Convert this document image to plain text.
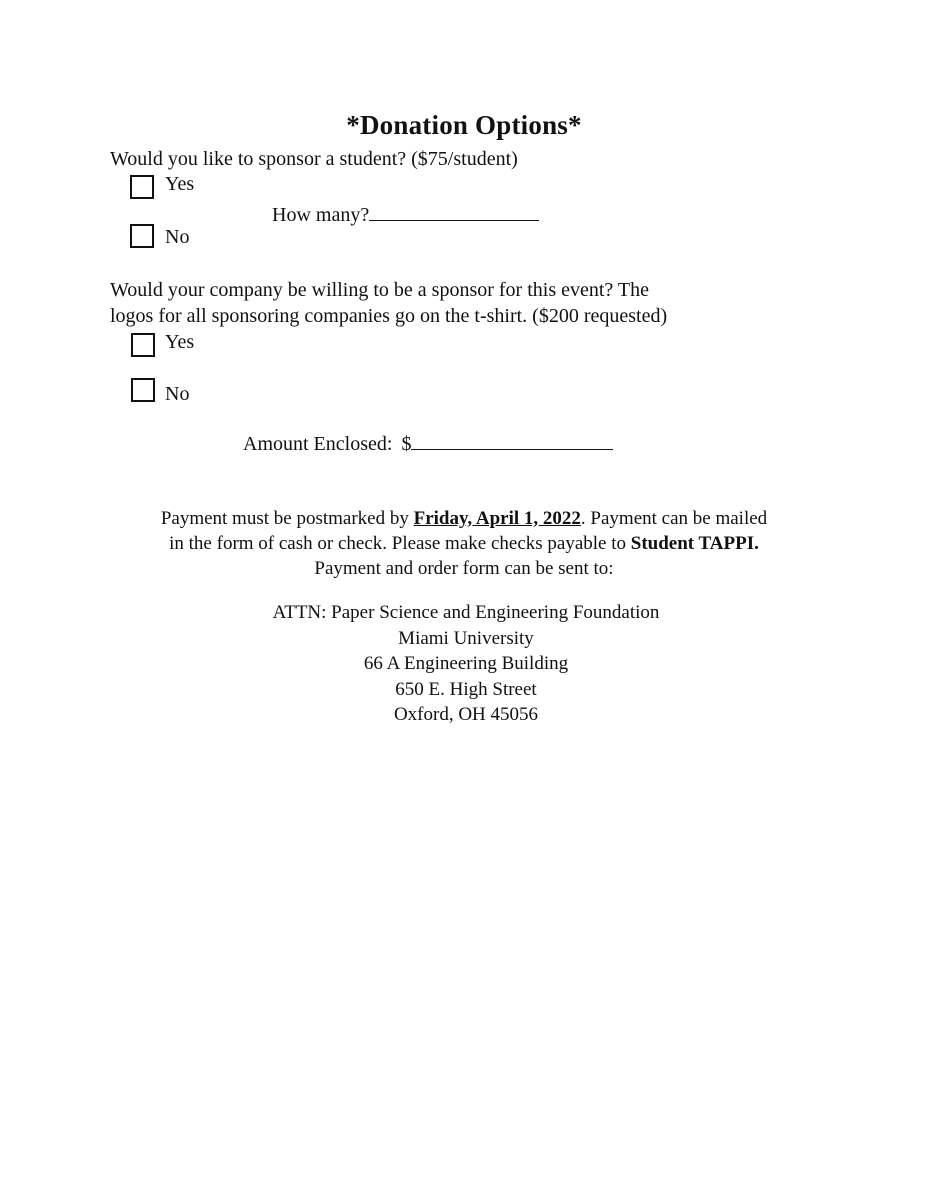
*Donation Options*
Would you like to sponsor a student? ($75/student)
Yes
How many?
No
Would your company be willing to be a sponsor for this event? The
logos for all sponsoring companies go on the t-shirt. ($200 requested)
Yes
No
Amount Enclosed: $
Payment must be postmarked by Friday, April 1, 2022. Payment can be mailed
in the form of cash or check. Please make checks payable to Student TAPPI.
Payment and order form can be sent to:
ATTN: Paper Science and Engineering Foundation
Miami University
66 A Engineering Building
650 E. High Street
Oxford, OH 45056
